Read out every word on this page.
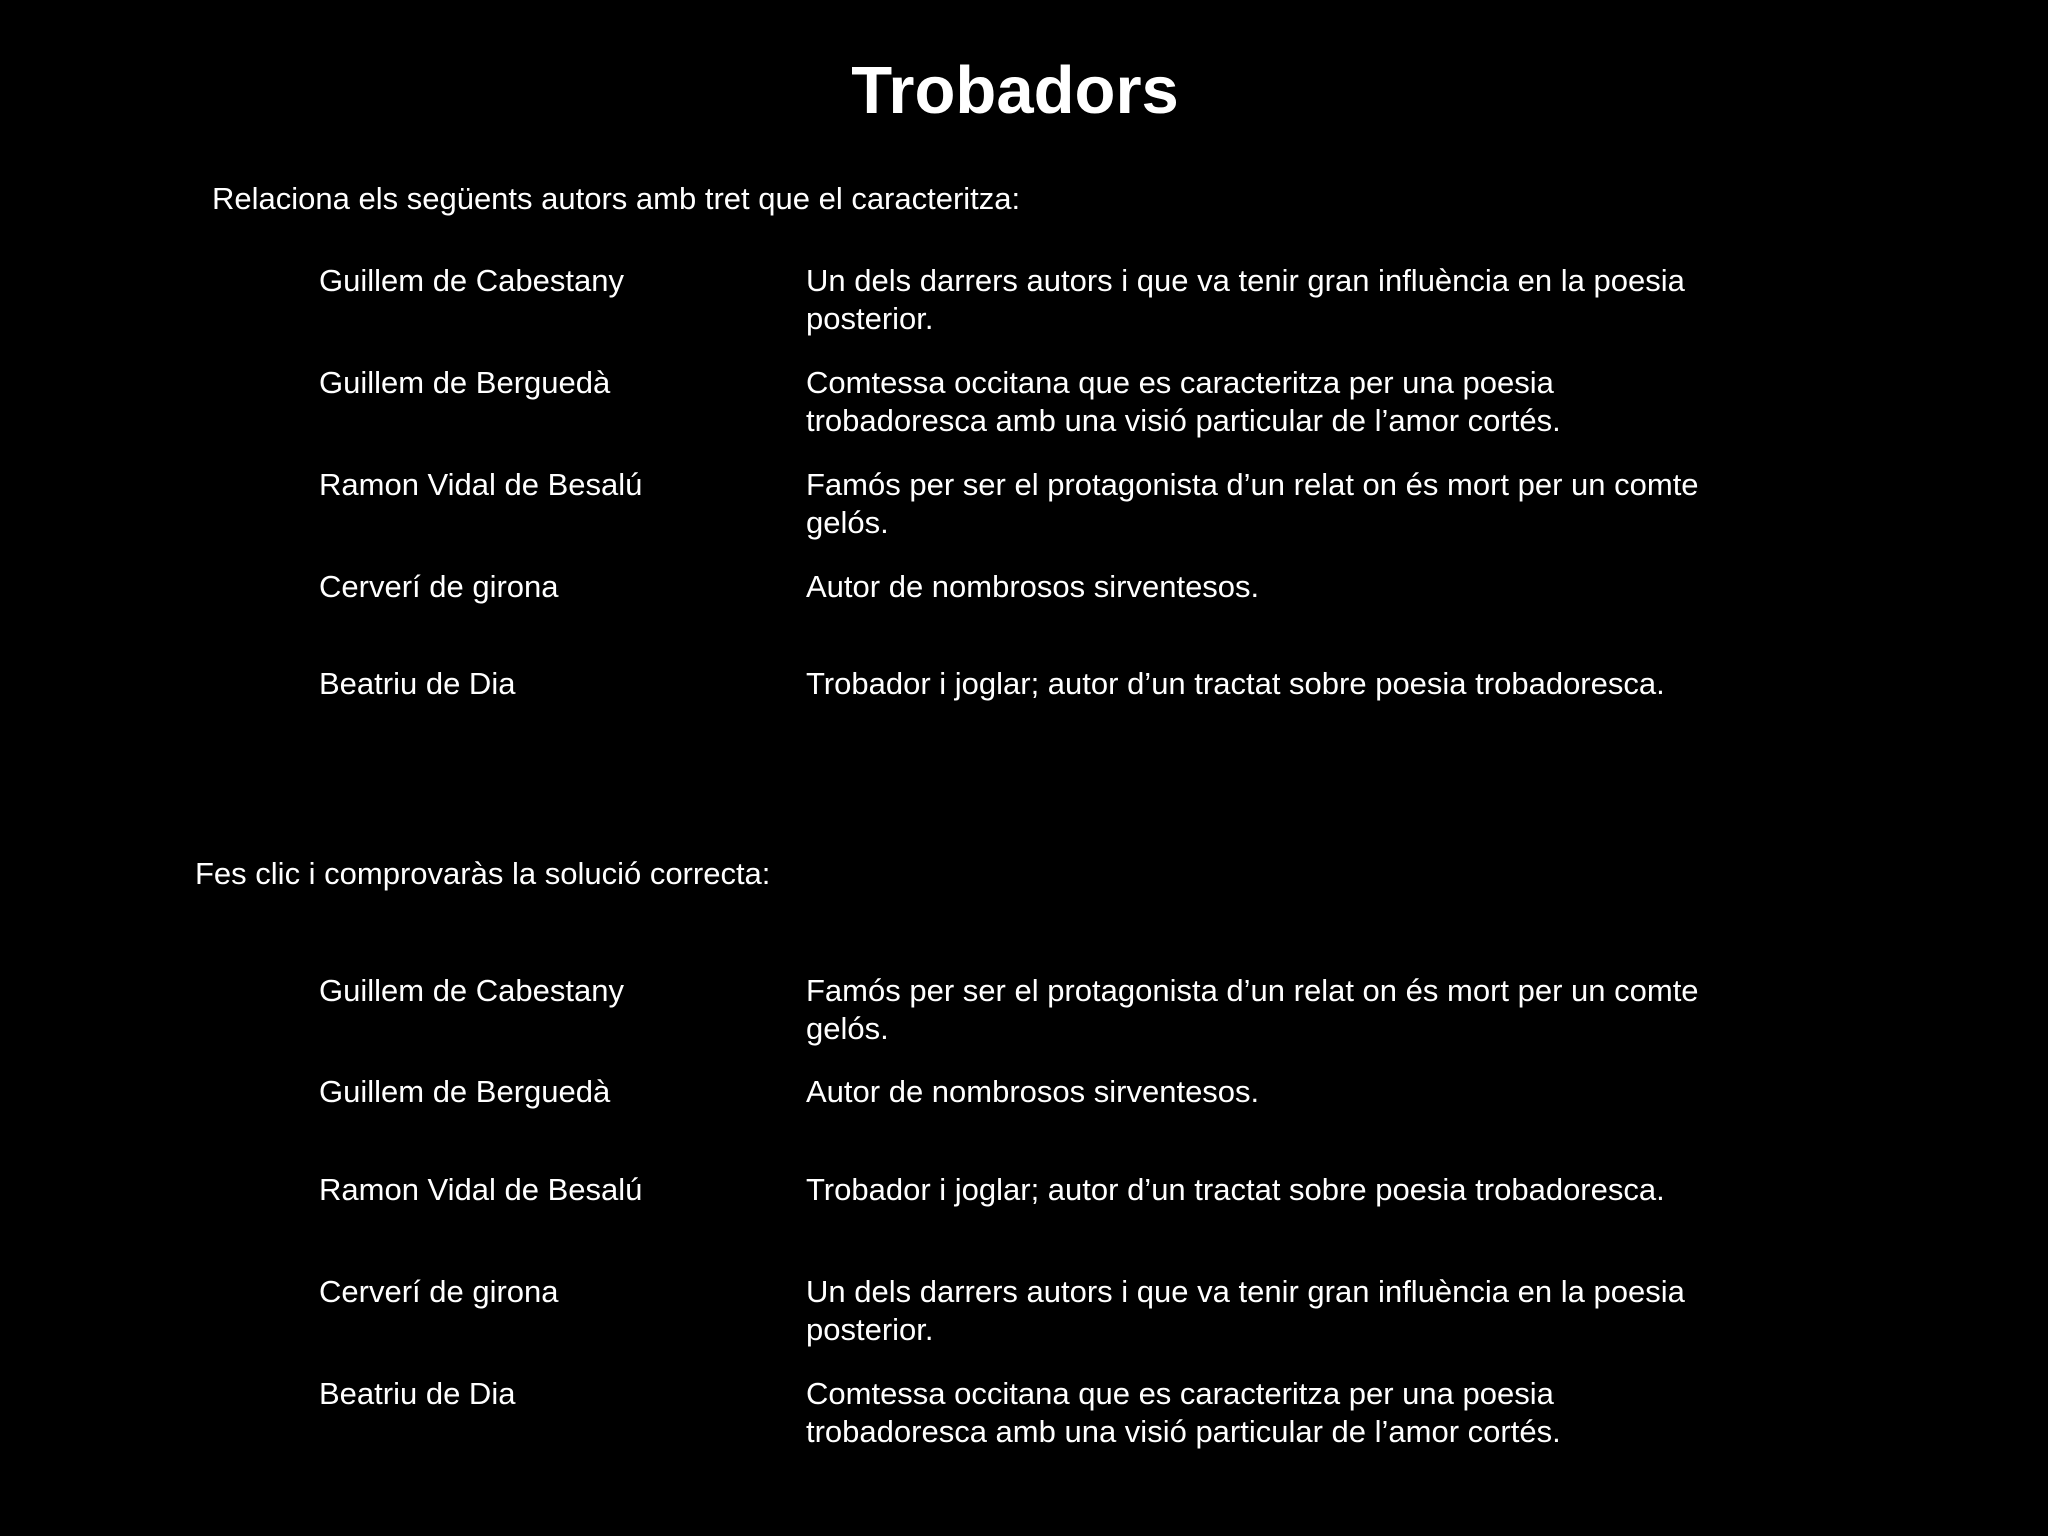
Trobadors

Relaciona els següents autors amb tret que el caracteritza:

Guillem de Cabestany	Un dels darrers autors i que va tenir gran influència en la poesia posterior.
Guillem de Berguedà	Comtessa occitana que es caracteritza per una poesia trobadoresca amb una visió particular de l’amor cortés.
Ramon Vidal de Besalú	Famós per ser el protagonista d’un relat on és mort per un comte gelós.
Cerverí de girona	Autor de nombrosos sirventesos.
Beatriu de Dia	Trobador i joglar; autor d’un tractat sobre poesia trobadoresca.

Fes clic i comprovaràs la solució correcta:

Guillem de Cabestany	Famós per ser el protagonista d’un relat on és mort per un comte gelós.
Guillem de Berguedà	Autor de nombrosos sirventesos.
Ramon Vidal de Besalú	Trobador i joglar; autor d’un tractat sobre poesia trobadoresca.
Cerverí de girona	Un dels darrers autors i que va tenir gran influència en la poesia posterior.
Beatriu de Dia	Comtessa occitana que es caracteritza per una poesia trobadoresca amb una visió particular de l’amor cortés.
